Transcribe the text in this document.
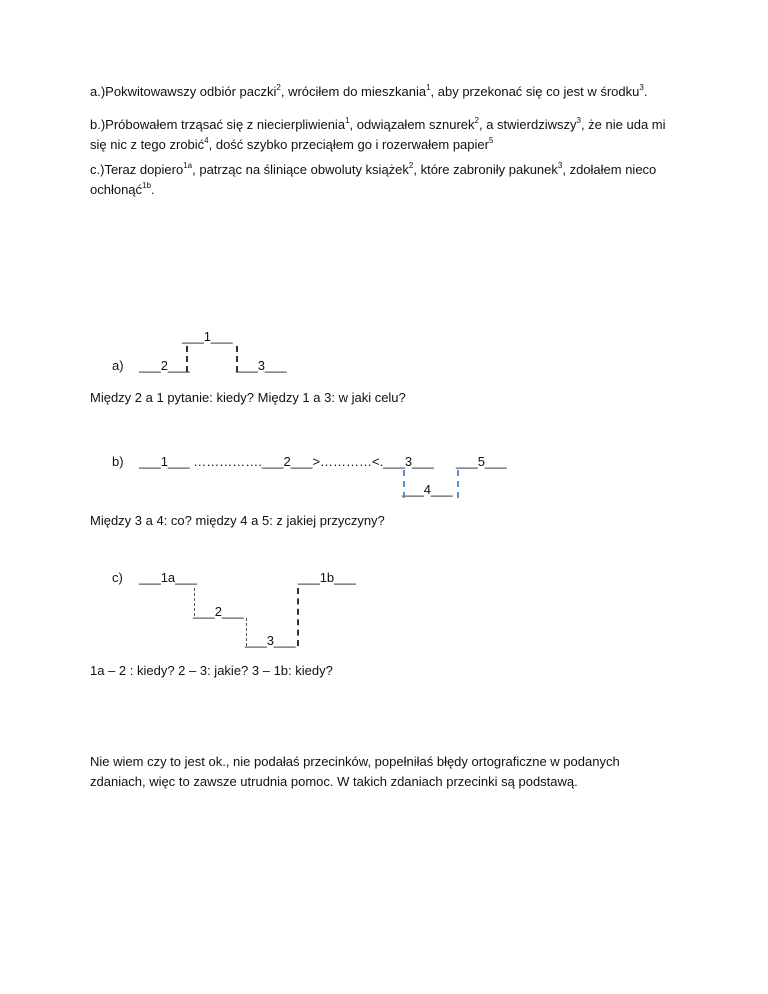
a.)Pokwitowawszy odbiór paczki$^2$, wróciłem do mieszkania$^1$, aby przekonać się co jest w środku$^3$.

b.)Próbowałem trząsać się z niecierpliwienia$^1$, odwiązałem sznurek$^2$, a stwierdziwszy$^3$, że nie uda mi się nic z tego zrobić$^4$, dość szybko przeciąłem go i rozerwałem papier$^5$

c.)Teraz dopiero$^{1a}$, patrząc na śliniące obwoluty książek$^2$, które zabroniły pakunek$^3$, zdołałem nieco ochłonąć$^{1b}$.

a)
___1___
___2___	___3___
Między 2 a 1 pytanie: kiedy? Między 1 a 3: w jaki celu?
b) ___1___ …………….___2___>…………<.___3___ ___5___
___4___
Między 3 a 4: co? między 4 a 5: z jakiej przyczyny?
c) ___1a___	___1b___
___2___
___3___
1a – 2 : kiedy? 2 – 3: jakie? 3 – 1b: kiedy?

Nie wiem czy to jest ok., nie podałaś przecinków, popełniłaś błędy ortograficzne w podanych zdaniach, więc to zawsze utrudnia pomoc. W takich zdaniach przecinki są podstawą.
